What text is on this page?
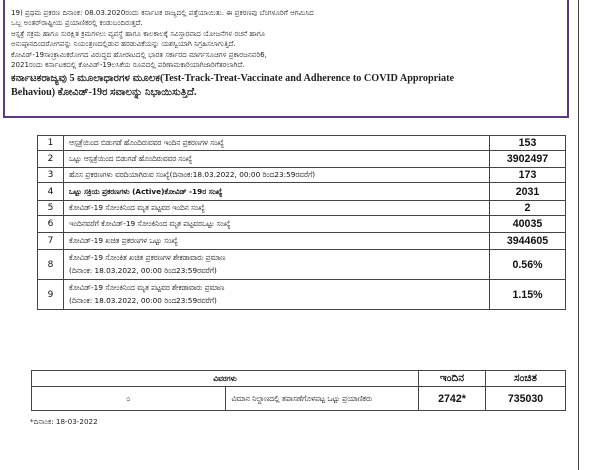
19) ಪ್ರಥಮ ಪ್ರಕರಣ ದಿನಾಂಕ: 08.03.2020ರಂದು ಕರ್ನಾಟಕ ರಾಜ್ಯದಲ್ಲಿ ಪತ್ತೆಯಾಯಿತು. ಈ ಪ್ರಕರಣವು ಬೆಂಗಳೂರಿಗೆ ಆಗಮಿಸಿದ

ಒಬ್ಬ ಅಂತರ್‌ರಾಷ್ಟ್ರೀಯ ಪ್ರಯಾಣಿಕರಲ್ಲಿ ಕಂಡುಬಂದಿರುತ್ತದೆ.

ಆಸ್ಪತ್ರೆ ಸಕ್ರಮ ಹಾಗೂ ಸುರಕ್ಷಿತ ಕ್ರಮಗಳಲು ವ್ಯವಸ್ಥೆ ಹಾಗೂ ಕಾಲಕಾಲಕ್ಕೆ ಸವಿಸ್ತಾರವಾದ ಯೋಜನೆಗಳ ರಚನೆ ಹಾಗೂ

ಅನುಷ್ಠಾನದಿಂದರೋಗವನ್ನು ನಿಯಂತ್ರಣದಲ್ಲಿಡುವ ಹರಡುವಿಕೆಯನ್ನು ಯಶಸ್ವಿಯಾಗಿ ನಿಗ್ರಹಿಸಲಾಗುತ್ತಿದೆ.

ಕೋವಿಡ್-19ಸಾಂಕ್ರಾಮಿಕರೋಗದ ವಿರುದ್ಧದ ಹೋರಾಟದಲ್ಲಿ ಭಾರತ ಸರ್ಕಾರದ ಮಾರ್ಗಸೂಚಿಗಳ ಪ್ರಕಾರಜನವರಿ6,

2021ರಂದು ಕರ್ನಾಟಕದಲ್ಲಿ ಕೋವಿಡ್-19ಲಸಿಕೆಯ ರೂಪದಲ್ಲಿ ಪರಿಣಾಮಕಾರಿಯಾಗಿಜಾರಿಗೆತರಲಾಗಿದೆ.

ಕರ್ನಾಟಕರಾಜ್ಯವು 5 ಮೂಲಾಧಾರಗಳ ಮೂಲಕ(Test-Track-Treat-Vaccinate and Adherence to COVID Appropriate

Behaviou) ಕೋವಿಡ್-19ರ ಸವಾಲನ್ನು ನಿಭಾಯಿಸುತ್ತಿದೆ.

1	ಆಸ್ಪತ್ರೆಯಿಂದ ಬಿಡುಗಡೆ ಹೊಂದಿರುವವರ ಇಂದಿನ ಪ್ರಕರಣಗಳ ಸಂಖ್ಯೆ	153
2	ಒಟ್ಟು ಆಸ್ಪತ್ರೆಯಿಂದ ಬಿಡುಗಡೆ ಹೊಂದಿರುವವರ ಸಂಖ್ಯೆ	3902497
3	ಹೊಸ ಪ್ರಕರಣಗಳು ವರದಿಯಾಗಿರುವ ಸಂಖ್ಯೆ(ದಿನಾಂಕ:18.03.2022, 00:00 ರಿಂದ23:59ರವರೆಗೆ)	173
4	ಒಟ್ಟು ಸಕ್ರಿಯ ಪ್ರಕರಣಗಳು (Active)ಕೋವಿಡ್ -19ರ ಸಂಖ್ಯೆ	2031
5	ಕೋವಿಡ್-19 ಸೋಂಕಿನಿಂದ ಮೃತ ಪಟ್ಟವರ ಇಂದಿನ ಸಂಖ್ಯೆ	2
6	ಇಂದಿನವರೆಗೆ ಕೋವಿಡ್-19 ಸೋಂಕಿನಿಂದ ಮೃತ ಪಟ್ಟವರಒಟ್ಟು ಸಂಖ್ಯೆ	40035
7	ಕೋವಿಡ್-19 ಖಚಿತ ಪ್ರಕರಣಗಳ ಒಟ್ಟು ಸಂಖ್ಯೆ	3944605
8	ಕೋವಿಡ್-19 ಸೋಂಕಿತ ಖಚಿತ ಪ್ರಕರಣಗಳ ಶೇಕಡಾವಾರು ಪ್ರಮಾಣ
(ದಿನಾಂಕ: 18.03.2022, 00:00 ರಿಂದ23:59ರವರೆಗೆ)	0.56%
9	ಕೋವಿಡ್-19 ಸೋಂಕಿನಿಂದ ಮೃತ ಪಟ್ಟವರ ಶೇಕಡಾವಾರು ಪ್ರಮಾಣ
(ದಿನಾಂಕ: 18.03.2022, 00:00 ರಿಂದ23:59ರವರೆಗೆ)	1.15%
ವಿವರಗಳು		ಇಂದಿನ	ಸಂಚಿತ
೦	ವಿಮಾನ ನಿಲ್ದಾಣದಲ್ಲಿ ತಪಾಸಣೆಗೊಳಪಟ್ಟ ಒಟ್ಟು ಪ್ರಯಾಣಿಕರು	2742*	735030
*ದಿನಾಂಕ: 18-03-2022
